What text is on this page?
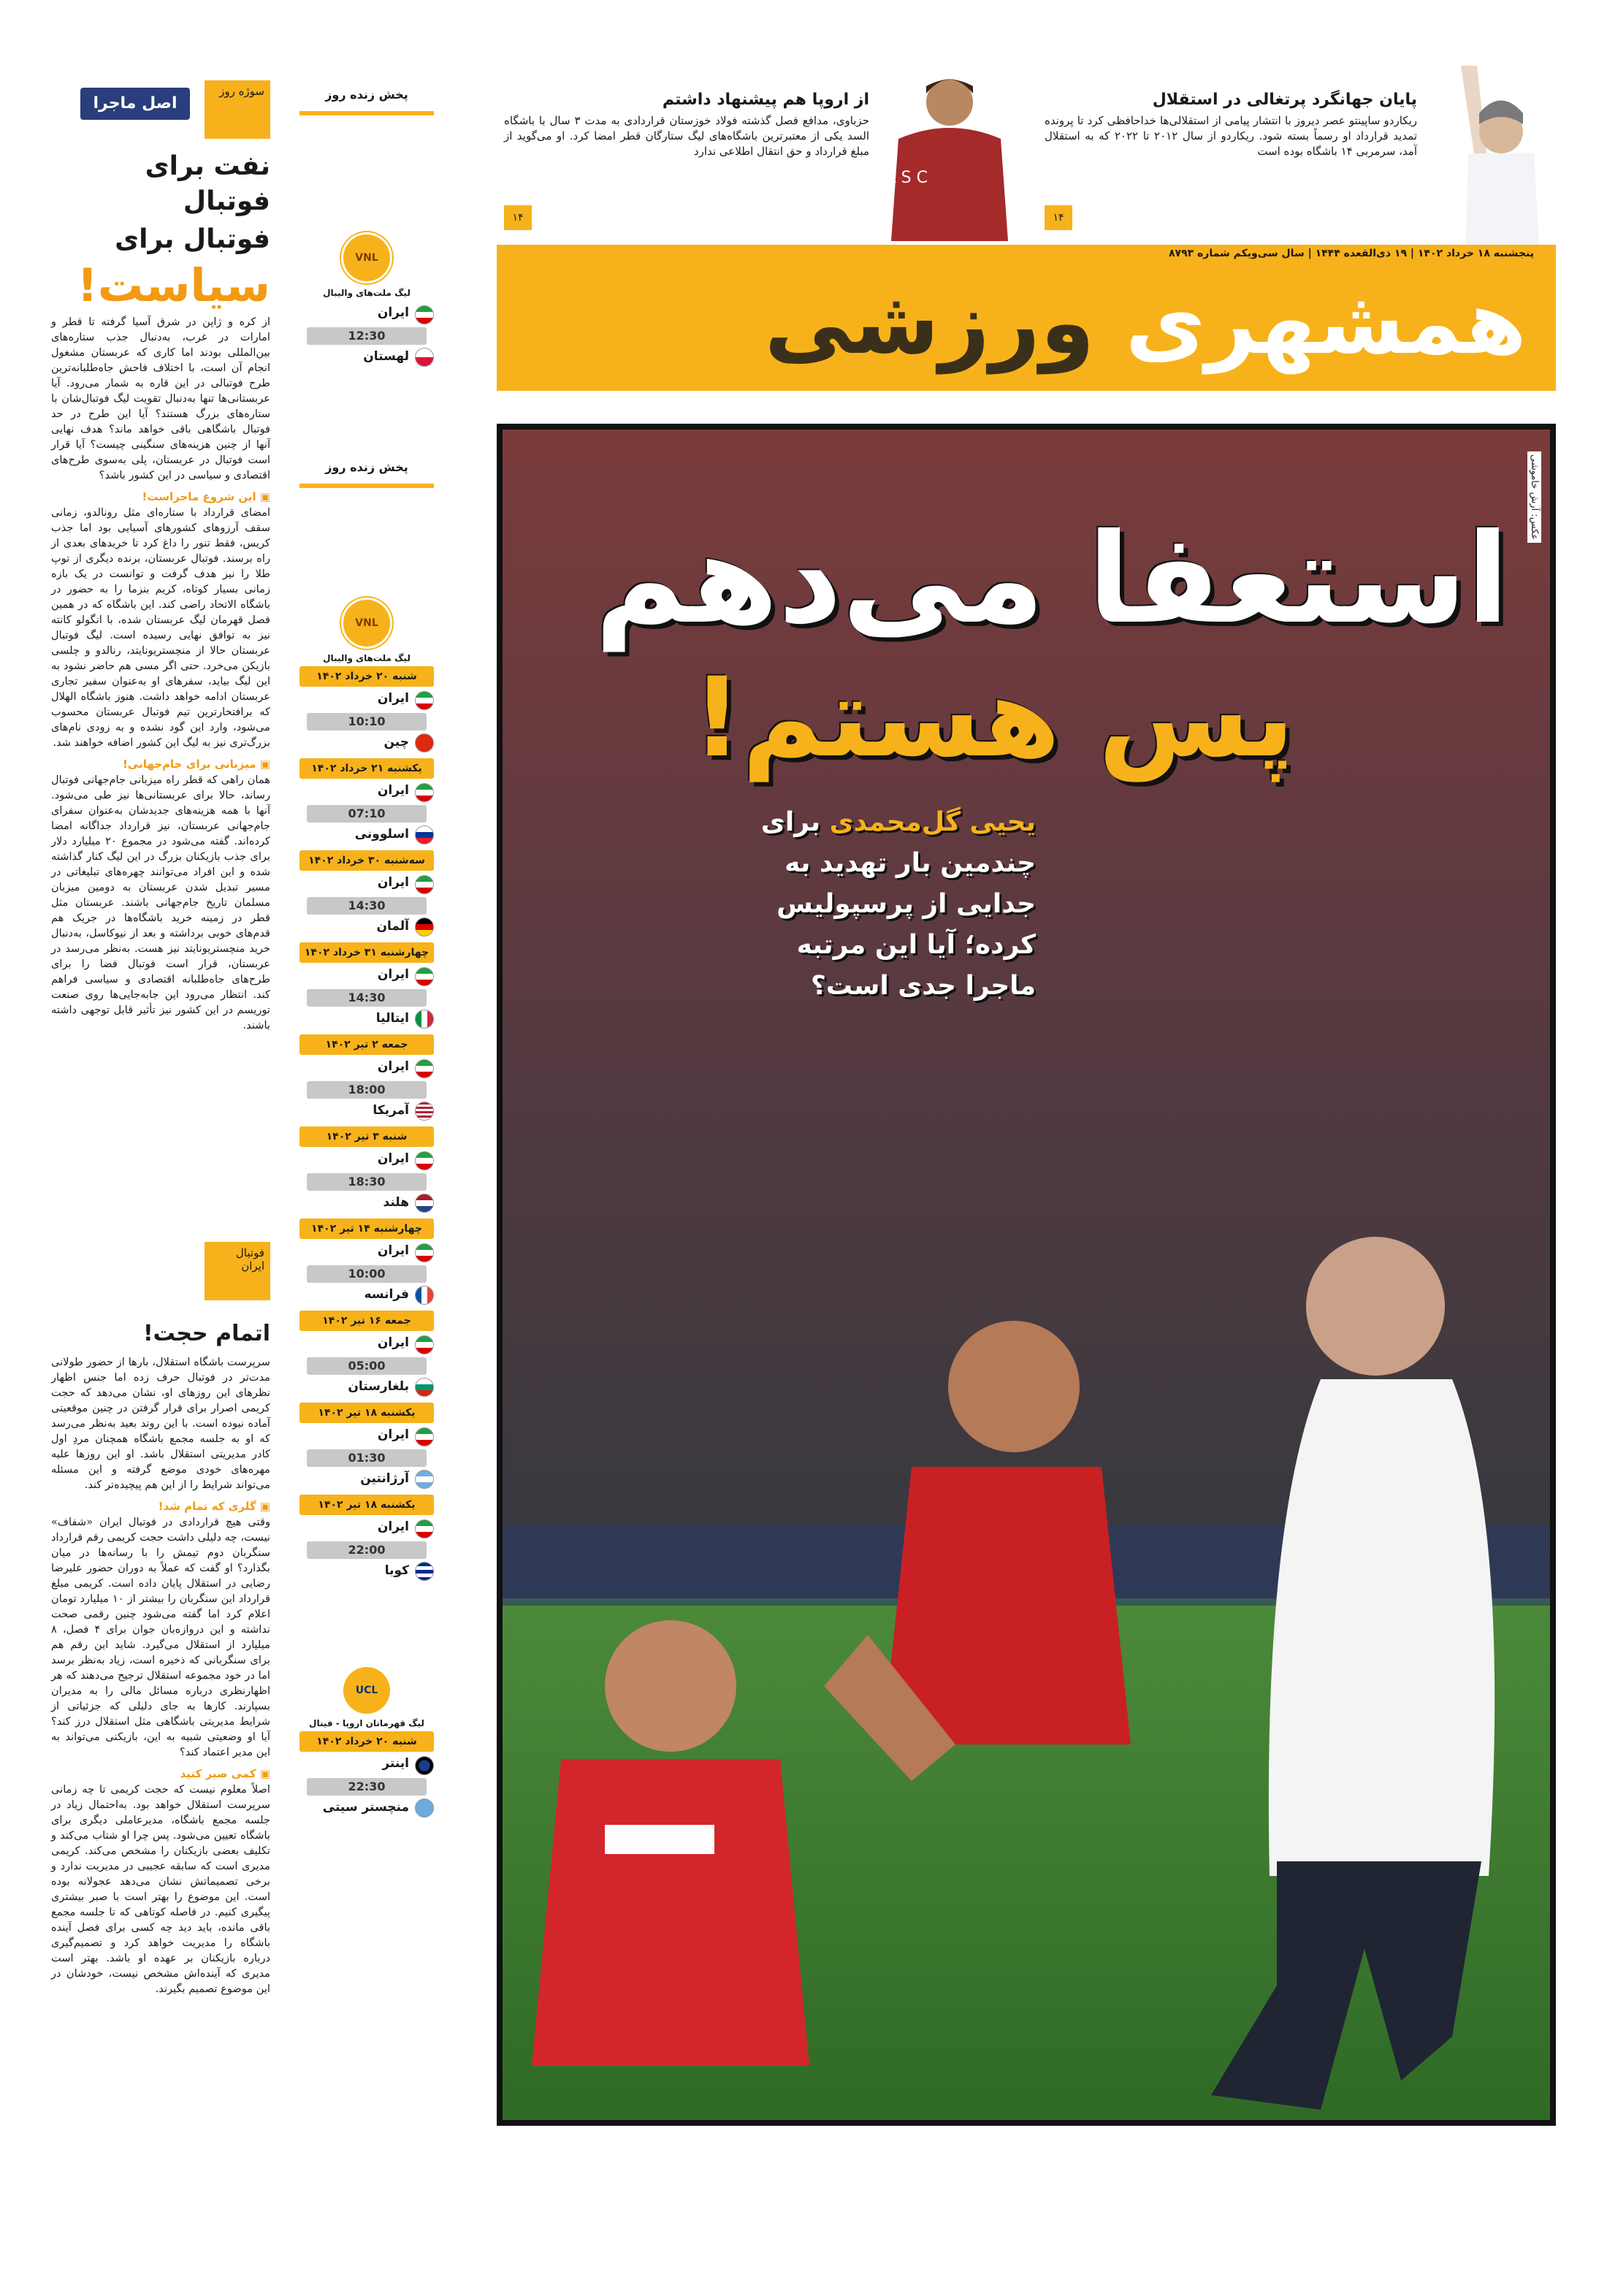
سوژه روز
اصل ماجرا
نفت برای فوتبال
فوتبال برای
سیاست!

از کره و ژاپن در شرق آسیا گرفته تا قطر و امارات در غرب، به‌دنبال جذب ستاره‌های بین‌المللی بودند اما کاری که عربستان مشغول انجام آن است، با اختلاف فاحش جاه‌طلبانه‌ترین طرح فوتبالی در این قاره به شمار می‌رود. آیا عربستانی‌ها تنها به‌دنبال تقویت لیگ فوتبال‌شان با ستاره‌های بزرگ هستند؟ آیا این طرح در حد فوتبال باشگاهی باقی خواهد ماند؟ هدف نهایی آنها از چنین هزینه‌های سنگینی چیست؟ آیا قرار است فوتبال در عربستان، پلی به‌سوی طرح‌های اقتصادی و سیاسی در این کشور باشد؟

▣ این شروع ماجراست!

امضای قرارداد با ستاره‌ای مثل رونالدو، زمانی سقف آرزوهای کشورهای آسیایی بود اما جذب کریس، فقط تنور را داغ کرد تا خریدهای بعدی از راه برسند. فوتبال عربستان، برنده دیگری از توپ طلا را نیز هدف گرفت و توانست در یک بازه زمانی بسیار کوتاه، کریم بنزما را به حضور در باشگاه الاتحاد راضی کند. این باشگاه که در همین فصل قهرمان لیگ عربستان شده، با انگولو کانته نیز به توافق نهایی رسیده است. لیگ فوتبال عربستان حالا از منچستریونایتد، رنالدو و چلسی بازیکن می‌خرد. حتی اگر مسی هم حاضر نشود به این لیگ بیاید، سفرهای او به‌عنوان سفیر تجاری عربستان ادامه خواهد داشت. هنوز باشگاه الهلال که برافتخارترین تیم فوتبال عربستان محسوب می‌شود، وارد این گود نشده و به زودی نام‌های بزرگ‌تری نیز به لیگ این کشور اضافه خواهند شد.

▣ میزبانی برای جام‌جهانی!

همان راهی که قطر راه میزبانی جام‌جهانی فوتبال رساند، حالا برای عربستانی‌ها نیز طی می‌شود. آنها با همه هزینه‌های جدیدشان به‌عنوان سفرای جام‌جهانی عربستان، نیز قرارداد جداگانه امضا کرده‌اند. گفته می‌شود در مجموع ۲۰ میلیارد دلار برای جذب بازیکنان بزرگ در این لیگ کنار گذاشته شده و این افراد می‌توانند چهره‌های تبلیغاتی در مسیر تبدیل شدن عربستان به دومین میزبان مسلمان تاریخ جام‌جهانی باشند. عربستان مثل قطر در زمینه خرید باشگاه‌ها در جریک هم قدم‌های خوبی برداشته و بعد از نیوکاسل، به‌دنبال خرید منچستریونایتد نیز هست. به‌نظر می‌رسد در عربستان، قرار است فوتبال فضا را برای طرح‌های جاه‌طلبانه اقتصادی و سیاسی فراهم کند. انتظار می‌رود این جابه‌جایی‌ها روی صنعت توریسم در این کشور نیز تأثیر قابل توجهی داشته باشند.

فوتبال ایران
اتمام حجت!

سرپرست باشگاه استقلال، بارها از حضور طولانی مدت‌تر در فوتبال حرف زده اما جنس اظهار نظرهای این روزهای او، نشان می‌دهد که حجت کریمی اصرار برای قرار گرفتن در چنین موقعیتی آماده نبوده است. با این روند بعید به‌نظر می‌رسد که او به جلسه مجمع باشگاه همچنان مردِ اول کادر مدیریتی استقلال باشد. او این روزها علیه مهره‌های خودی موضع گرفته و این مسئله می‌تواند شرایط را از این هم پیچیده‌تر کند.

▣ گلری که تمام شد!

وقتی هیچ قراردادی در فوتبال ایران «شفاف» نیست، چه دلیلی داشت حجت کریمی رقم قرارداد سنگربان دوم تیمش را با رسانه‌ها در میان بگذارد؟ او گفت که عملاً به دوران حضور علیرضا رضایی در استقلال پایان داده است. کریمی مبلغ قرارداد این سنگربان را بیشتر از ۱۰ میلیارد تومان اعلام کرد اما گفته می‌شود چنین رقمی صحت نداشته و این دروازه‌بان جوان برای ۴ فصل، ۸ میلیارد از استقلال می‌گیرد. شاید این رقم هم برای سنگربانی که ذخیره است، زیاد به‌نظر برسد اما در خود مجموعه استقلال ترجیح می‌دهند که هر اظهارنظری درباره مسائل مالی را به مدیران بسپارند. کارها به جای دلیلی که جزئیاتی از شرایط مدیریتی باشگاهی مثل استقلال درز کند؟ آیا او وضعیتی شبیه به این، بازیکنی می‌تواند به این مدیر اعتماد کند؟

▣ کمی صبر کنید

اصلاً معلوم نیست که حجت کریمی تا چه زمانی سرپرست استقلال خواهد بود. به‌احتمال زیاد در جلسه مجمع باشگاه، مدیرعاملی دیگری برای باشگاه تعیین می‌شود. پس چرا او شتاب می‌کند و تکلیف بعضی بازیکنان را مشخص می‌کند. کریمی مدیری است که سابقه عجیبی در مدیریت ندارد و برخی تصمیماتش نشان می‌دهد عجولانه بوده است. این موضوع را بهتر است با صبر بیشتری پیگیری کنیم. در فاصله کوتاهی که تا جلسه مجمع باقی مانده، باید دید چه کسی برای فصل آینده باشگاه را مدیریت خواهد کرد و تصمیم‌گیری درباره بازیکنان بر عهده او باشد. بهتر است مدیری که آینده‌اش مشخص نیست، خودشان در این موضوع تصمیم بگیرند.

پخش زنده روز
VNL
لیگ ملت‌های والیبال
ایران
12:30
لهستان
پخش زنده روز
VNL
لیگ ملت‌های والیبال
شنبه ۲۰ خرداد ۱۴۰۲
ایران
10:10
چین
یکشنبه ۲۱ خرداد ۱۴۰۲
ایران
07:10
اسلوونی
سه‌شنبه ۳۰ خرداد ۱۴۰۲
ایران
14:30
آلمان
چهارشنبه ۳۱ خرداد ۱۴۰۲
ایران
14:30
ایتالیا
جمعه ۲ تیر ۱۴۰۲
ایران
18:00
آمریکا
شنبه ۳ تیر ۱۴۰۲
ایران
18:30
هلند
چهارشنبه ۱۴ تیر ۱۴۰۲
ایران
10:00
فرانسه
جمعه ۱۶ تیر ۱۴۰۲
ایران
05:00
بلغارستان
یکشنبه ۱۸ تیر ۱۴۰۲
ایران
01:30
آرژانتین
یکشنبه ۱۸ تیر ۱۴۰۲
ایران
22:00
کوبا
UCL
لیگ قهرمانان اروپا - فینال
شنبه ۲۰ خرداد ۱۴۰۲
اینتر
22:30
منچستر سیتی
پایان جهانگرد پرتغالی در استقلال
ریکاردو ساپینتو عصر دیروز با انتشار پیامی از استقلالی‌ها خداحافظی کرد تا پرونده تمدید قرارداد او رسماً بسته شود. ریکاردو از سال ۲۰۱۲ تا ۲۰۲۲ که به استقلال آمد، سرمربی ۱۴ باشگاه بوده است
۱۴
K S C
از اروپا هم پیشنهاد داشتم
حزباوی، مدافع فصل گذشته فولاد خوزستان قراردادی به مدت ۳ سال با باشگاه السد یکی از معتبرترین باشگاه‌های لیگ ستارگان قطر امضا کرد. او می‌گوید از مبلغ قرارداد و حق انتقال اطلاعی ندارد
۱۴
پنجشنبه ۱۸ خرداد ۱۴۰۲ | ۱۹ ذی‌القعده ۱۴۴۴ | سال سی‌و‌یکم شماره ۸۷۹۳
همشهری ورزشی
عکس: آرش خاموشی
استعفا می‌دهم
پس هستم!
یحیی گل‌محمدی برای چندمین بار تهدید به جدایی از پرسپولیس کرده؛ آیا این مرتبه ماجرا جدی است؟
